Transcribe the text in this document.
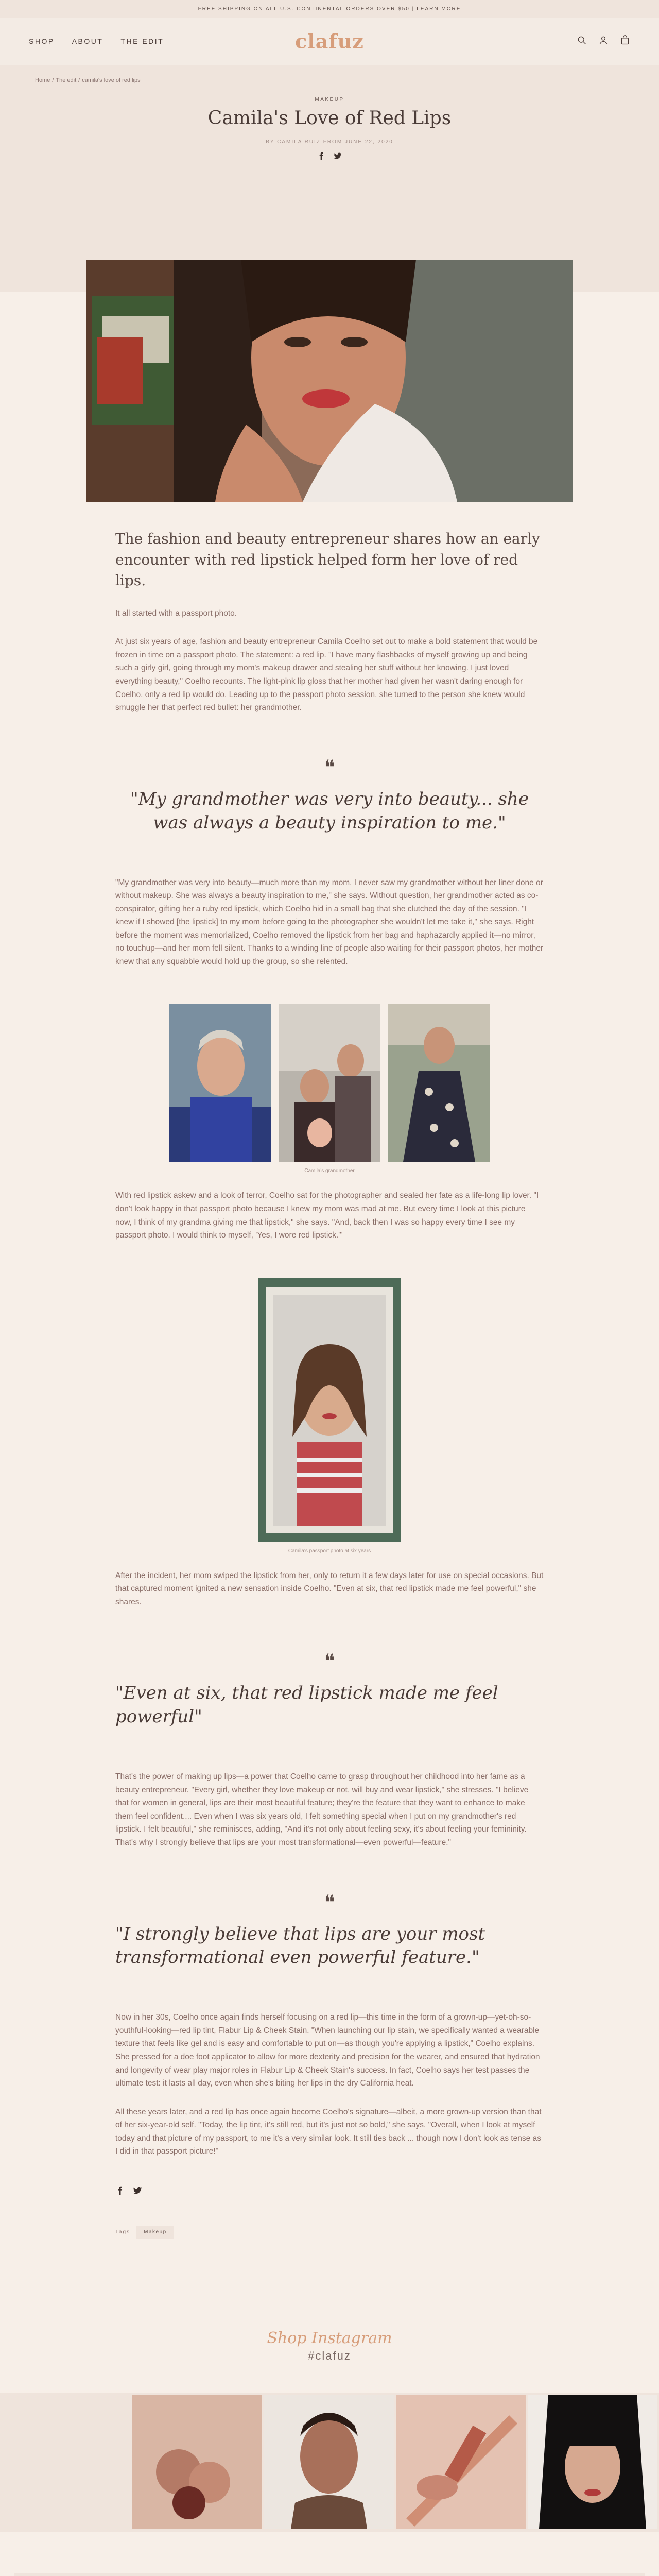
FREE SHIPPING ON ALL U.S. CONTINENTAL ORDERS OVER $50 | LEARN MORE
SHOP ABOUT THE EDIT	clafuz
Home / The edit / camila's love of red lips
MAKEUP
Camila's Love of Red Lips
BY CAMILA RUIZ FROM JUNE 22, 2020

The fashion and beauty entrepreneur shares how an early encounter with red lipstick helped form her love of red lips.

It all started with a passport photo.

At just six years of age, fashion and beauty entrepreneur Camila Coelho set out to make a bold statement that would be frozen in time on a passport photo. The statement: a red lip. "I have many flashbacks of myself growing up and being such a girly girl, going through my mom's makeup drawer and stealing her stuff without her knowing. I just loved everything beauty," Coelho recounts. The light-pink lip gloss that her mother had given her wasn't daring enough for Coelho, only a red lip would do. Leading up to the passport photo session, she turned to the person she knew would smuggle her that perfect red bullet: her grandmother.

❝
"My grandmother was very into beauty... she was always a beauty inspiration to me."

"My grandmother was very into beauty—much more than my mom. I never saw my grandmother without her liner done or without makeup. She was always a beauty inspiration to me," she says. Without question, her grandmother acted as co-conspirator, gifting her a ruby red lipstick, which Coelho hid in a small bag that she clutched the day of the session. "I knew if I showed [the lipstick] to my mom before going to the photographer she wouldn't let me take it," she says. Right before the moment was memorialized, Coelho removed the lipstick from her bag and haphazardly applied it—no mirror, no touchup—and her mom fell silent. Thanks to a winding line of people also waiting for their passport photos, her mother knew that any squabble would hold up the group, so she relented.

Camila's grandmother

With red lipstick askew and a look of terror, Coelho sat for the photographer and sealed her fate as a life-long lip lover. "I don't look happy in that passport photo because I knew my mom was mad at me. But every time I look at this picture now, I think of my grandma giving me that lipstick," she says. "And, back then I was so happy every time I see my passport photo. I would think to myself, 'Yes, I wore red lipstick.'"

Camila's passport photo at six years

After the incident, her mom swiped the lipstick from her, only to return it a few days later for use on special occasions. But that captured moment ignited a new sensation inside Coelho. "Even at six, that red lipstick made me feel powerful," she shares.

❝
"Even at six, that red lipstick made me feel powerful"

That's the power of making up lips—a power that Coelho came to grasp throughout her childhood into her fame as a beauty entrepreneur. "Every girl, whether they love makeup or not, will buy and wear lipstick," she stresses. "I believe that for women in general, lips are their most beautiful feature; they're the feature that they want to enhance to make them feel confident.... Even when I was six years old, I felt something special when I put on my grandmother's red lipstick. I felt beautiful," she reminisces, adding, "And it's not only about feeling sexy, it's about feeling your femininity. That's why I strongly believe that lips are your most transformational—even powerful—feature."

❝
"I strongly believe that lips are your most transformational even powerful feature."

Now in her 30s, Coelho once again finds herself focusing on a red lip—this time in the form of a grown-up—yet-oh-so-youthful-looking—red lip tint, Flabur Lip & Cheek Stain. "When launching our lip stain, we specifically wanted a wearable texture that feels like gel and is easy and comfortable to put on—as though you're applying a lipstick," Coelho explains. She pressed for a doe foot applicator to allow for more dexterity and precision for the wearer, and ensured that hydration and longevity of wear play major roles in Flabur Lip & Cheek Stain's success. In fact, Coelho says her test passes the ultimate test: it lasts all day, even when she's biting her lips in the dry California heat.

All these years later, and a red lip has once again become Coelho's signature—albeit, a more grown-up version than that of her six-year-old self. "Today, the lip tint, it's still red, but it's just not so bold," she says. "Overall, when I look at myself today and that picture of my passport, to me it's a very similar look. It still ties back ... though now I don't look as tense as I did in that passport picture!"

Tags	Makeup
Shop Instagram
#clafuz
